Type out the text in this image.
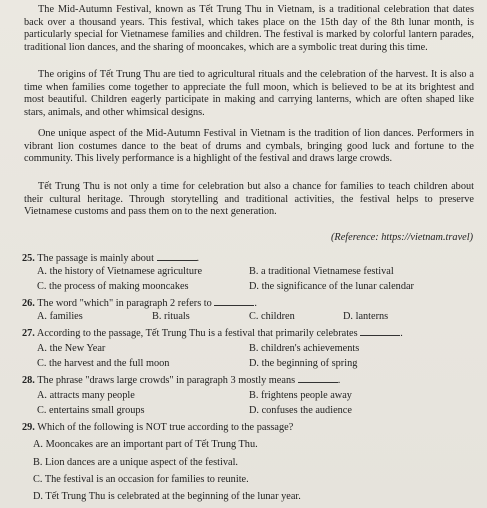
The Mid-Autumn Festival, known as Tết Trung Thu in Vietnam, is a traditional celebration that dates back over a thousand years. This festival, which takes place on the 15th day of the 8th lunar month, is particularly special for Vietnamese families and children. The festival is marked by colorful lantern parades, traditional lion dances, and the sharing of mooncakes, which are a symbolic treat during this time.

The origins of Tết Trung Thu are tied to agricultural rituals and the celebration of the harvest. It is also a time when families come together to appreciate the full moon, which is believed to be at its brightest and most beautiful. Children eagerly participate in making and carrying lanterns, which are often shaped like stars, animals, and other whimsical designs.

One unique aspect of the Mid-Autumn Festival in Vietnam is the tradition of lion dances. Performers in vibrant lion costumes dance to the beat of drums and cymbals, bringing good luck and fortune to the community. This lively performance is a highlight of the festival and draws large crowds.

Tết Trung Thu is not only a time for celebration but also a chance for families to teach children about their cultural heritage. Through storytelling and traditional activities, the festival helps to preserve Vietnamese customs and pass them on to the next generation.

(Reference: https://vietnam.travel)

25. The passage is mainly about	.
A. the history of Vietnamese agriculture	B. a traditional Vietnamese festival
C. the process of making mooncakes	D. the significance of the lunar calendar
26. The word "which" in paragraph 2 refers to	.
A. families	B. rituals	C. children	D. lanterns
27. According to the passage, Tết Trung Thu is a festival that primarily celebrates	.
A. the New Year	B. children's achievements
C. the harvest and the full moon	D. the beginning of spring
28. The phrase "draws large crowds" in paragraph 3 mostly means	.
A. attracts many people	B. frightens people away
C. entertains small groups	D. confuses the audience
29. Which of the following is NOT true according to the passage?
A. Mooncakes are an important part of Tết Trung Thu.
B. Lion dances are a unique aspect of the festival.
C. The festival is an occasion for families to reunite.
D. Tết Trung Thu is celebrated at the beginning of the lunar year.
